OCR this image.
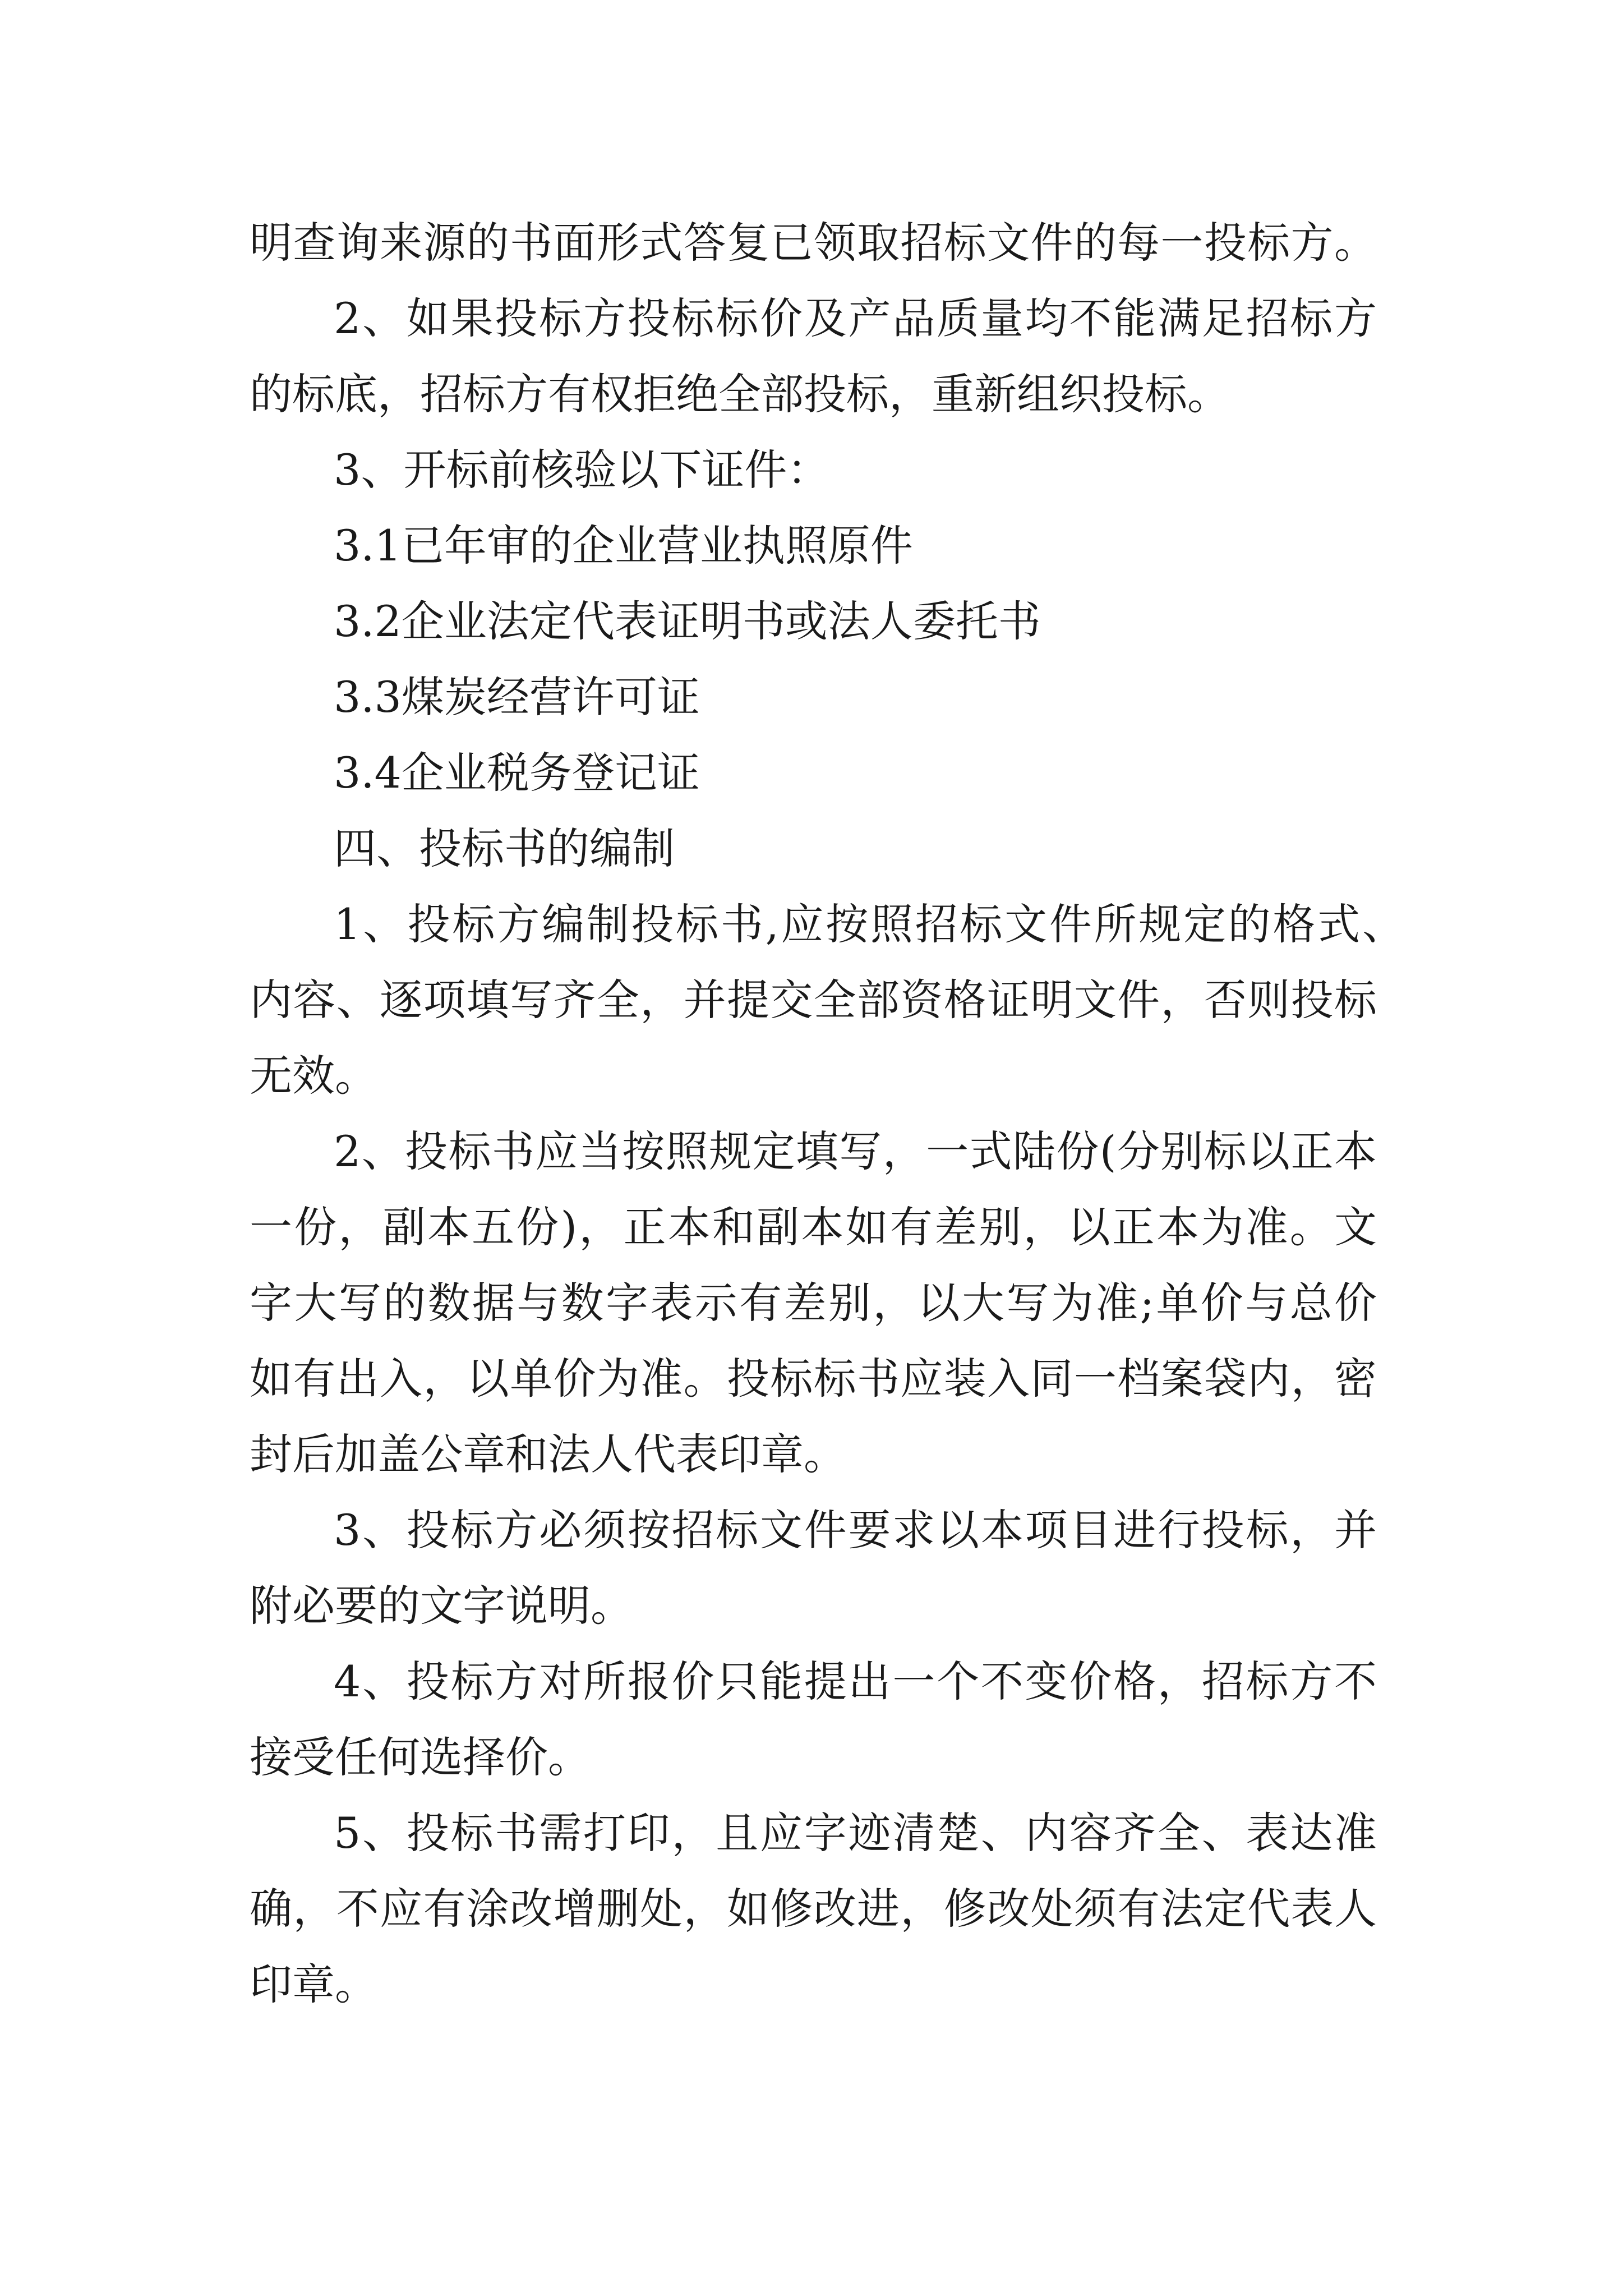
明查询来源的书面形式答复已领取招标文件的每一投标方。
2、如果投标方投标标价及产品质量均不能满足招标方
的标底，招标方有权拒绝全部投标，重新组织投标。
3、开标前核验以下证件：
3.1已年审的企业营业执照原件
3.2企业法定代表证明书或法人委托书
3.3煤炭经营许可证
3.4企业税务登记证
四、投标书的编制
1、投标方编制投标书,应按照招标文件所规定的格式、
内容、逐项填写齐全，并提交全部资格证明文件，否则投标
无效。
2、投标书应当按照规定填写，一式陆份(分别标以正本
一份，副本五份)，正本和副本如有差别，以正本为准。文
字大写的数据与数字表示有差别，以大写为准;单价与总价
如有出入，以单价为准。投标标书应装入同一档案袋内，密
封后加盖公章和法人代表印章。
3、投标方必须按招标文件要求以本项目进行投标，并
附必要的文字说明。
4、投标方对所报价只能提出一个不变价格，招标方不
接受任何选择价。
5、投标书需打印，且应字迹清楚、内容齐全、表达准
确，不应有涂改增删处，如修改进，修改处须有法定代表人
印章。
